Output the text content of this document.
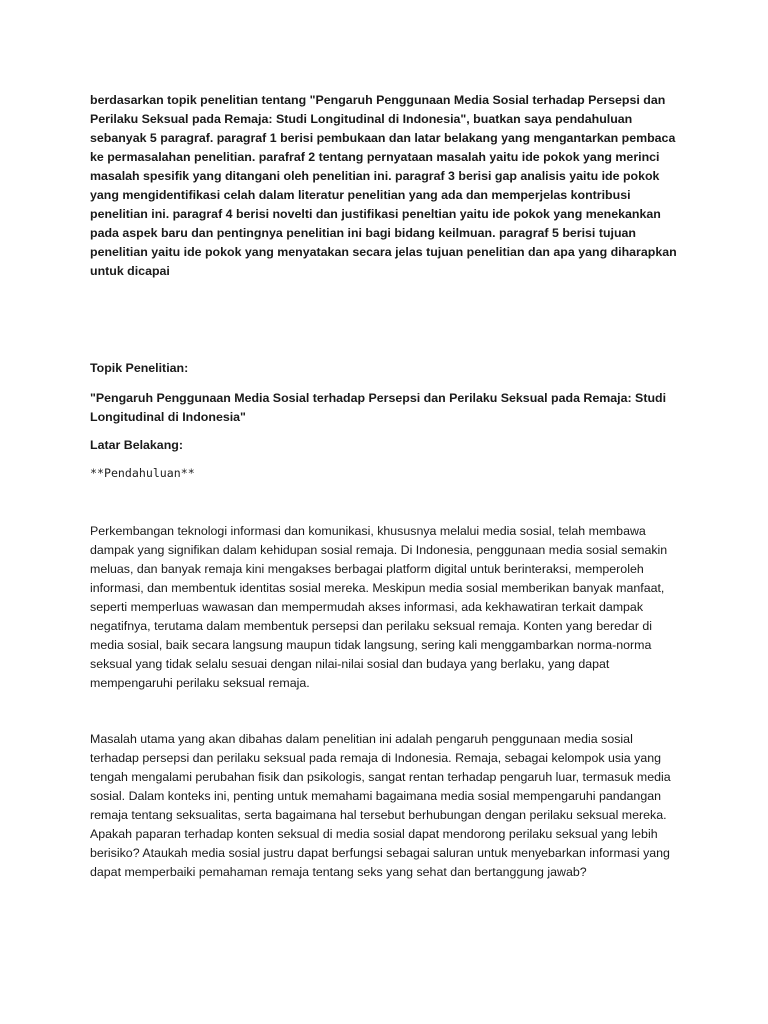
berdasarkan topik penelitian tentang "Pengaruh Penggunaan Media Sosial terhadap Persepsi dan Perilaku Seksual pada Remaja: Studi Longitudinal di Indonesia", buatkan saya pendahuluan sebanyak 5 paragraf. paragraf 1 berisi pembukaan dan latar belakang yang mengantarkan pembaca ke permasalahan penelitian. parafraf 2 tentang pernyataan masalah yaitu ide pokok yang merinci masalah spesifik yang ditangani oleh penelitian ini. paragraf 3 berisi gap analisis yaitu ide pokok yang mengidentifikasi celah dalam literatur penelitian yang ada dan memperjelas kontribusi penelitian ini. paragraf 4 berisi novelti dan justifikasi peneltian yaitu ide pokok yang menekankan pada aspek baru dan pentingnya penelitian ini bagi bidang keilmuan. paragraf 5 berisi tujuan penelitian yaitu ide pokok yang menyatakan secara jelas tujuan penelitian dan apa yang diharapkan untuk dicapai

Topik Penelitian:

"Pengaruh Penggunaan Media Sosial terhadap Persepsi dan Perilaku Seksual pada Remaja: Studi Longitudinal di Indonesia"

Latar Belakang:

**Pendahuluan**

Perkembangan teknologi informasi dan komunikasi, khususnya melalui media sosial, telah membawa dampak yang signifikan dalam kehidupan sosial remaja. Di Indonesia, penggunaan media sosial semakin meluas, dan banyak remaja kini mengakses berbagai platform digital untuk berinteraksi, memperoleh informasi, dan membentuk identitas sosial mereka. Meskipun media sosial memberikan banyak manfaat, seperti memperluas wawasan dan mempermudah akses informasi, ada kekhawatiran terkait dampak negatifnya, terutama dalam membentuk persepsi dan perilaku seksual remaja. Konten yang beredar di media sosial, baik secara langsung maupun tidak langsung, sering kali menggambarkan norma-norma seksual yang tidak selalu sesuai dengan nilai-nilai sosial dan budaya yang berlaku, yang dapat mempengaruhi perilaku seksual remaja.

Masalah utama yang akan dibahas dalam penelitian ini adalah pengaruh penggunaan media sosial terhadap persepsi dan perilaku seksual pada remaja di Indonesia. Remaja, sebagai kelompok usia yang tengah mengalami perubahan fisik dan psikologis, sangat rentan terhadap pengaruh luar, termasuk media sosial. Dalam konteks ini, penting untuk memahami bagaimana media sosial mempengaruhi pandangan remaja tentang seksualitas, serta bagaimana hal tersebut berhubungan dengan perilaku seksual mereka. Apakah paparan terhadap konten seksual di media sosial dapat mendorong perilaku seksual yang lebih berisiko? Ataukah media sosial justru dapat berfungsi sebagai saluran untuk menyebarkan informasi yang dapat memperbaiki pemahaman remaja tentang seks yang sehat dan bertanggung jawab?
